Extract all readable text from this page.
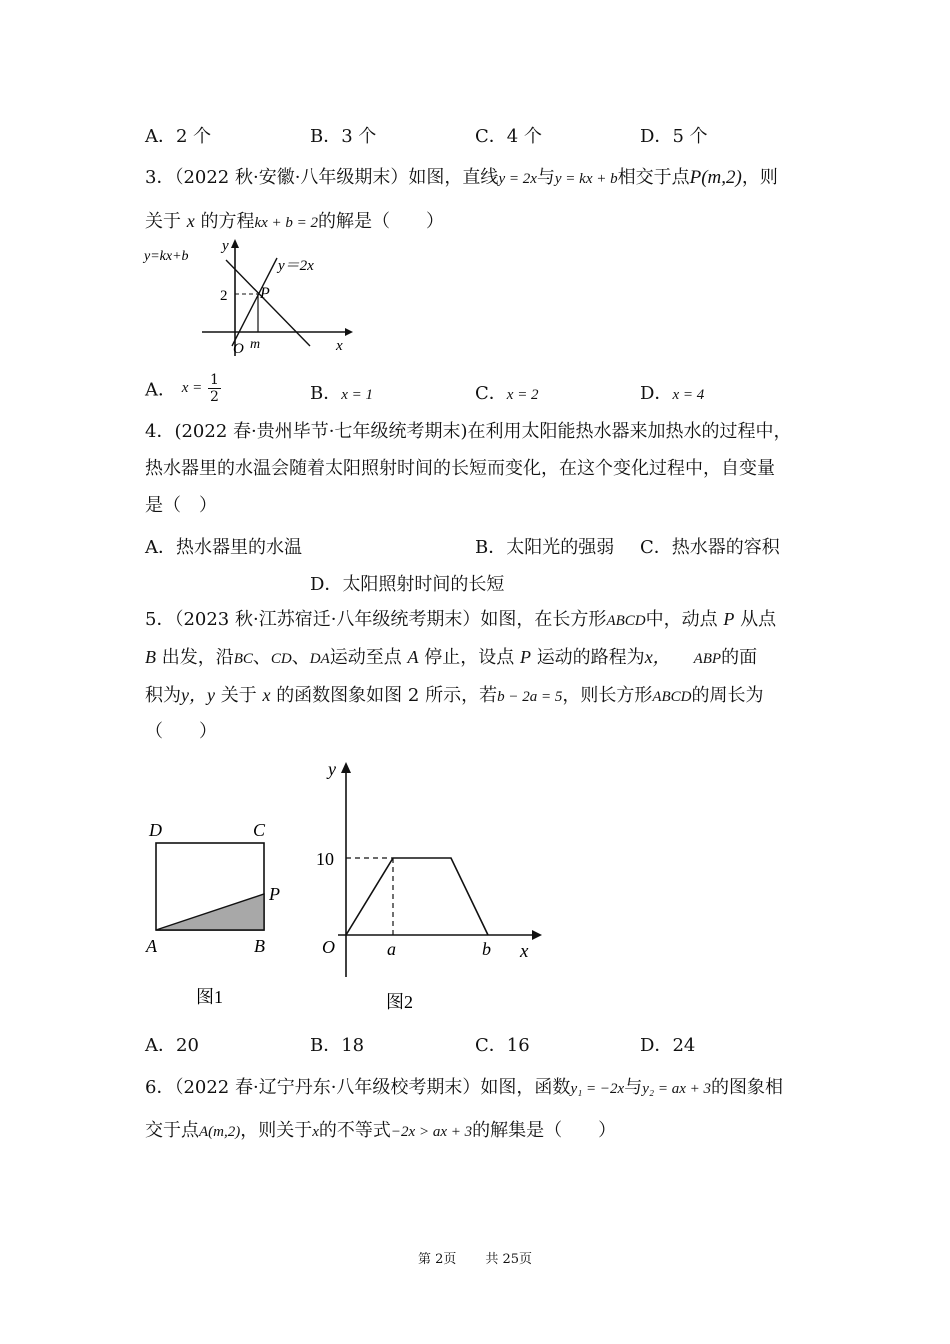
A．2 个	B．3 个	C．4 个	D．5 个
3．（2022 秋·安徽·八年级期末）如图，直线y = 2x与y = kx + b相交于点P(m,2)，则
关于 x 的方程kx + b = 2的解是（　　）
y=kx+b
y＝2x
y
x
O m
2 P
A． $x = \frac{1}{2}$	B．x = 1	C．x = 2	D．x = 4
4．(2022 春·贵州毕节·七年级统考期末)在利用太阳能热水器来加热水的过程中，
热水器里的水温会随着太阳照射时间的长短而变化，在这个变化过程中，自变量
是（　）
A．热水器里的水温	B．太阳光的强弱 C．热水器的容积
D．太阳照射时间的长短
5．（2023 秋·江苏宿迁·八年级统考期末）如图，在长方形ABCD中，动点 P 从点
B 出发，沿BC、CD、DA运动至点 A 停止，设点 P 运动的路程为x， ABP的面
积为y，y 关于 x 的函数图象如图 2 所示，若b − 2a = 5，则长方形ABCD的周长为
（　　）
D	C
A	B
P
图1
y
x
O
10
a	b
图2
A．20	B．18	C．16	D．24
6．（2022 春·辽宁丹东·八年级校考期末）如图，函数y₁ = −2x与y₂ = ax + 3的图象相
交于点A(m,2)，则关于x的不等式−2x > ax + 3的解集是（　　）
第 2页 共 25页
